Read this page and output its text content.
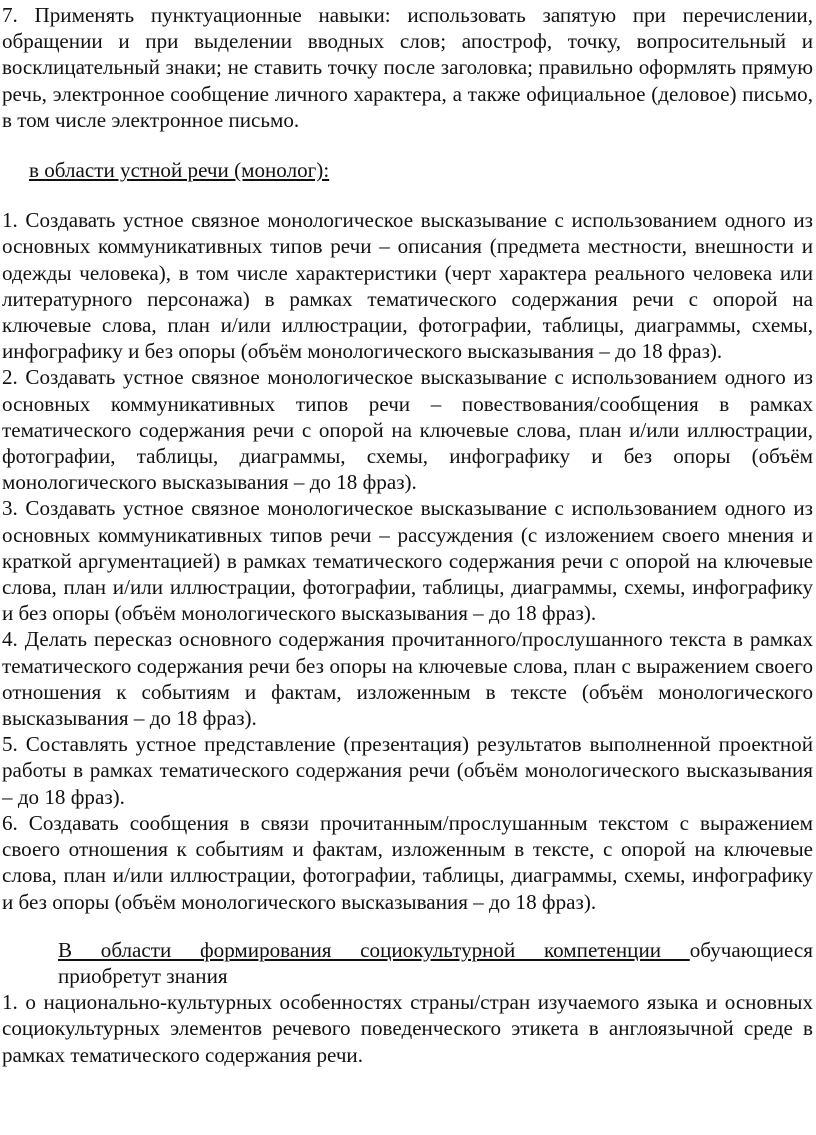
7. Применять пунктуационные навыки: использовать запятую при перечислении, обращении и при выделении вводных слов; апостроф, точку, вопросительный и восклицательный знаки; не ставить точку после заголовка; правильно оформлять прямую речь, электронное сообщение личного характера, а также официальное (деловое) письмо, в том числе электронное письмо.

в области устной речи (монолог):

1. Создавать устное связное монологическое высказывание с использованием одного из основных коммуникативных типов речи – описания (предмета местности, внешности и одежды человека), в том числе характеристики (черт характера реального человека или литературного персонажа) в рамках тематического содержания речи с опорой на ключевые слова, план и/или иллюстрации, фотографии, таблицы, диаграммы, схемы, инфографику и без опоры (объём монологического высказывания – до 18 фраз).

2. Создавать устное связное монологическое высказывание с использованием одного из основных коммуникативных типов речи – повествования/сообщения в рамках тематического содержания речи с опорой на ключевые слова, план и/или иллюстрации, фотографии, таблицы, диаграммы, схемы, инфографику и без опоры (объём монологического высказывания – до 18 фраз).

3. Создавать устное связное монологическое высказывание с использованием одного из основных коммуникативных типов речи – рассуждения (с изложением своего мнения и краткой аргументацией) в рамках тематического содержания речи с опорой на ключевые слова, план и/или иллюстрации, фотографии, таблицы, диаграммы, схемы, инфографику и без опоры (объём монологического высказывания – до 18 фраз).

4. Делать пересказ основного содержания прочитанного/прослушанного текста в рамках тематического содержания речи без опоры на ключевые слова, план с выражением своего отношения к событиям и фактам, изложенным в тексте (объём монологического высказывания – до 18 фраз).

5. Составлять устное представление (презентация) результатов выполненной проектной работы в рамках тематического содержания речи (объём монологического высказывания – до 18 фраз).

6. Создавать сообщения в связи прочитанным/прослушанным текстом с выражением своего отношения к событиям и фактам, изложенным в тексте, с опорой на ключевые слова, план и/или иллюстрации, фотографии, таблицы, диаграммы, схемы, инфографику и без опоры (объём монологического высказывания – до 18 фраз).

В области формирования социокультурной компетенции обучающиеся

приобретут знания

1. о национально-культурных особенностях страны/стран изучаемого языка и основных социокультурных элементов речевого поведенческого этикета в англоязычной среде в рамках тематического содержания речи.
